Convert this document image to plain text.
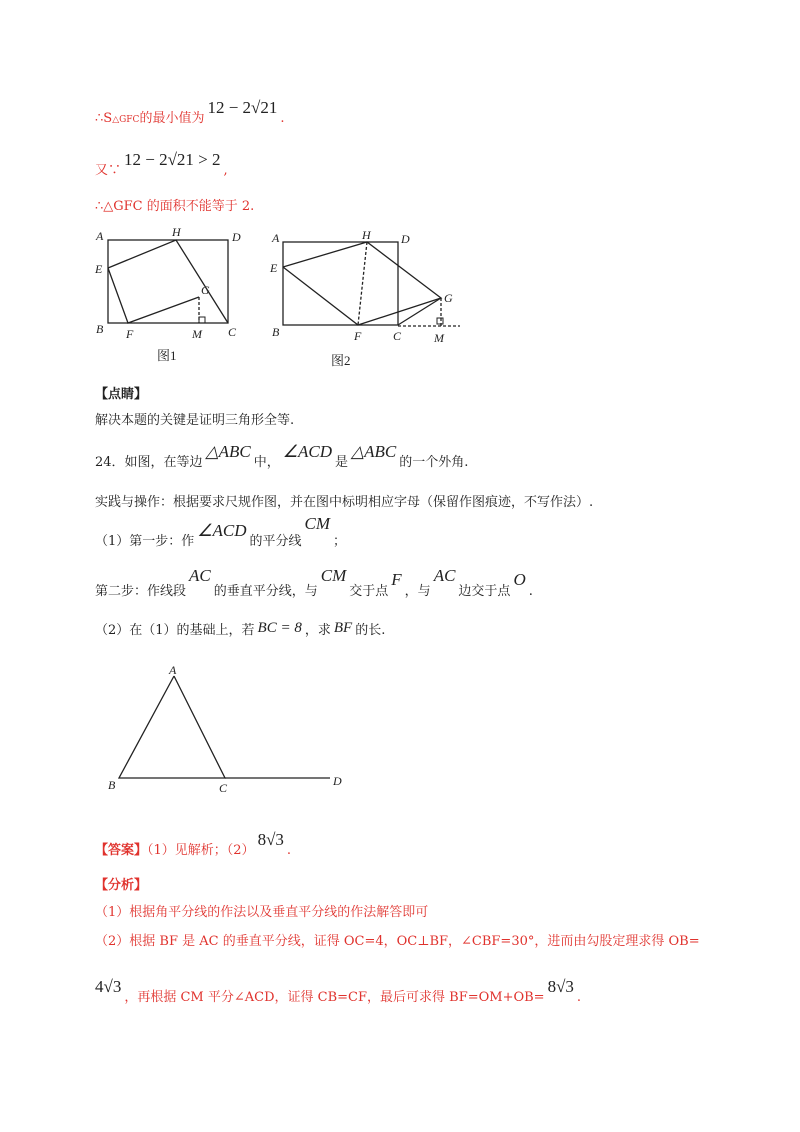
∴S△GFC的最小值为12 − 2√21.
又∵12 − 2√21 > 2,
∴△GFC 的面积不能等于 2.
A	H	D
E
G
B F	M C
图1
A	H	D
E
G
B	F	C	M
图2
【点睛】
解决本题的关键是证明三角形全等.
24．如图，在等边△ABC中，∠ACD是△ABC的一个外角.
实践与操作：根据要求尺规作图，并在图中标明相应字母（保留作图痕迹，不写作法）.
（1）第一步：作∠ACD的平分线CM；
第二步：作线段AC的垂直平分线，与CM交于点F，与AC边交于点O.
（2）在（1）的基础上，若 BC = 8 ，求 BF 的长.
A
B	C	D
【答案】（1）见解析；（2）8√3.
【分析】
（1）根据角平分线的作法以及垂直平分线的作法解答即可
（2）根据 BF 是 AC 的垂直平分线，证得 OC=4，OC⊥BF，∠CBF=30°，进而由勾股定理求得 OB=
4√3，再根据 CM 平分∠ACD，证得 CB=CF，最后可求得 BF=OM+OB=8√3.
